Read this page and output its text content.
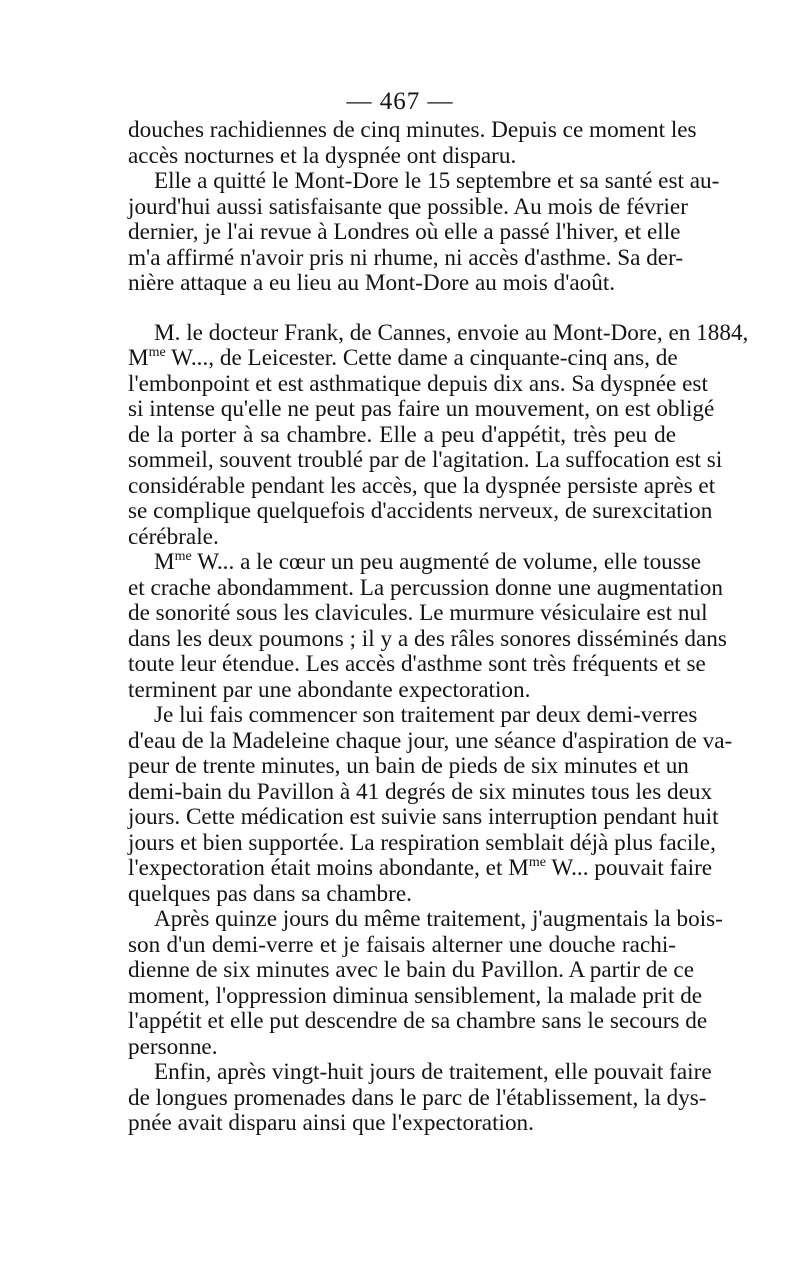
— 467 —
douches rachidiennes de cinq minutes. Depuis ce moment les
accès nocturnes et la dyspnée ont disparu.
Elle a quitté le Mont-Dore le 15 septembre et sa santé est au-
jourd'hui aussi satisfaisante que possible. Au mois de février
dernier, je l'ai revue à Londres où elle a passé l'hiver, et elle
m'a affirmé n'avoir pris ni rhume, ni accès d'asthme. Sa der-
nière attaque a eu lieu au Mont-Dore au mois d'août.
M. le docteur Frank, de Cannes, envoie au Mont-Dore, en 1884,
$M^{me}$ W..., de Leicester. Cette dame a cinquante-cinq ans, de
l'embonpoint et est asthmatique depuis dix ans. Sa dyspnée est
si intense qu'elle ne peut pas faire un mouvement, on est obligé
de la porter à sa chambre. Elle a peu d'appétit, très peu de
sommeil, souvent troublé par de l'agitation. La suffocation est si
considérable pendant les accès, que la dyspnée persiste après et
se complique quelquefois d'accidents nerveux, de surexcitation
cérébrale.
$M^{me}$ W... a le cœur un peu augmenté de volume, elle tousse
et crache abondamment. La percussion donne une augmentation
de sonorité sous les clavicules. Le murmure vésiculaire est nul
dans les deux poumons ; il y a des râles sonores disséminés dans
toute leur étendue. Les accès d'asthme sont très fréquents et se
terminent par une abondante expectoration.
Je lui fais commencer son traitement par deux demi-verres
d'eau de la Madeleine chaque jour, une séance d'aspiration de va-
peur de trente minutes, un bain de pieds de six minutes et un
demi-bain du Pavillon à 41 degrés de six minutes tous les deux
jours. Cette médication est suivie sans interruption pendant huit
jours et bien supportée. La respiration semblait déjà plus facile,
l'expectoration était moins abondante, et $M^{me}$ W... pouvait faire
quelques pas dans sa chambre.
Après quinze jours du même traitement, j'augmentais la bois-
son d'un demi-verre et je faisais alterner une douche rachi-
dienne de six minutes avec le bain du Pavillon. A partir de ce
moment, l'oppression diminua sensiblement, la malade prit de
l'appétit et elle put descendre de sa chambre sans le secours de
personne.
Enfin, après vingt-huit jours de traitement, elle pouvait faire
de longues promenades dans le parc de l'établissement, la dys-
pnée avait disparu ainsi que l'expectoration.
